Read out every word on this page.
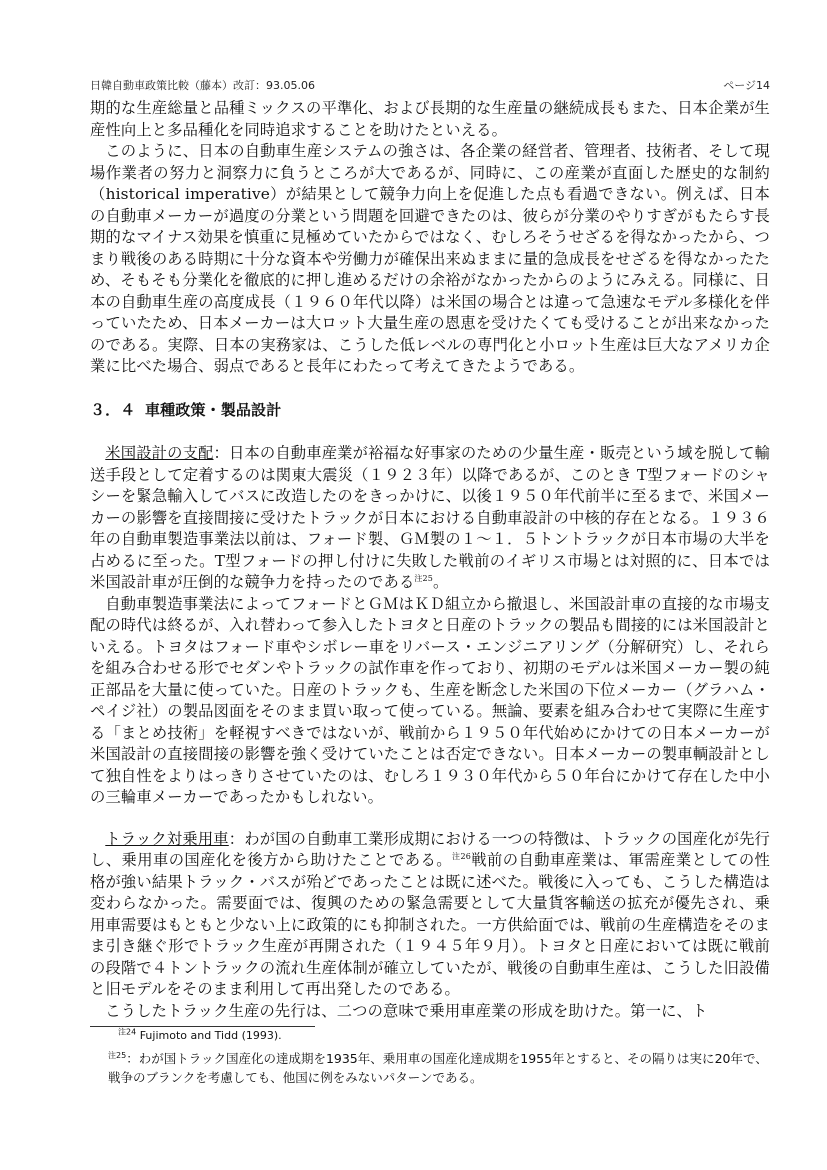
日韓自動車政策比較（藤本）改訂：93.05.06	ページ14

期的な生産総量と品種ミックスの平準化、および長期的な生産量の継続成長もまた、日本企業が生産性向上と多品種化を同時追求することを助けたといえる。

このように、日本の自動車生産システムの強さは、各企業の経営者、管理者、技術者、そして現場作業者の努力と洞察力に負うところが大であるが、同時に、この産業が直面した歴史的な制約（historical imperative）が結果として競争力向上を促進した点も看過できない。例えば、日本の自動車メーカーが過度の分業という問題を回避できたのは、彼らが分業のやりすぎがもたらす長期的なマイナス効果を慎重に見極めていたからではなく、むしろそうせざるを得なかったから、つまり戦後のある時期に十分な資本や労働力が確保出来ぬままに量的急成長をせざるを得なかったため、そもそも分業化を徹底的に押し進めるだけの余裕がなかったからのようにみえる。同様に、日本の自動車生産の高度成長（１９６０年代以降）は米国の場合とは違って急速なモデル多様化を伴っていたため、日本メーカーは大ロット大量生産の恩恵を受けたくても受けることが出来なかったのである。実際、日本の実務家は、こうした低レベルの専門化と小ロット生産は巨大なアメリカ企業に比べた場合、弱点であると長年にわたって考えてきたようである。

３．４ 車種政策・製品設計

米国設計の支配：日本の自動車産業が裕福な好事家のための少量生産・販売という域を脱して輸送手段として定着するのは関東大震災（１９２３年）以降であるが、このとき T型フォードのシャシーを緊急輸入してバスに改造したのをきっかけに、以後１９５０年代前半に至るまで、米国メーカーの影響を直接間接に受けたトラックが日本における自動車設計の中核的存在となる。１９３６年の自動車製造事業法以前は、フォード製、ＧＭ製の１～１．５トントラックが日本市場の大半を占めるに至った。T型フォードの押し付けに失敗した戦前のイギリス市場とは対照的に、日本では米国設計車が圧倒的な競争力を持ったのである$^{注25}$。

自動車製造事業法によってフォードとＧＭはＫＤ組立から撤退し、米国設計車の直接的な市場支配の時代は終るが、入れ替わって参入したトヨタと日産のトラックの製品も間接的には米国設計といえる。トヨタはフォード車やシボレー車をリバース・エンジニアリング（分解研究）し、それらを組み合わせる形でセダンやトラックの試作車を作っており、初期のモデルは米国メーカー製の純正部品を大量に使っていた。日産のトラックも、生産を断念した米国の下位メーカー（グラハム・ペイジ社）の製品図面をそのまま買い取って使っている。無論、要素を組み合わせて実際に生産する「まとめ技術」を軽視すべきではないが、戦前から１９５０年代始めにかけての日本メーカーが米国設計の直接間接の影響を強く受けていたことは否定できない。日本メーカーの製車輌設計として独自性をよりはっきりさせていたのは、むしろ１９３０年代から５０年台にかけて存在した中小の三輪車メーカーであったかもしれない。

トラック対乗用車：わが国の自動車工業形成期における一つの特徴は、トラックの国産化が先行し、乗用車の国産化を後方から助けたことである。$^{注26}$戦前の自動車産業は、軍需産業としての性格が強い結果トラック・バスが殆どであったことは既に述べた。戦後に入っても、こうした構造は変わらなかった。需要面では、復興のための緊急需要として大量貨客輸送の拡充が優先され、乗用車需要はもともと少ない上に政策的にも抑制された。一方供給面では、戦前の生産構造をそのまま引き継ぐ形でトラック生産が再開された（１９４５年９月）。トヨタと日産においては既に戦前の段階で４トントラックの流れ生産体制が確立していたが、戦後の自動車生産は、こうした旧設備と旧モデルをそのまま利用して再出発したのである。

こうしたトラック生産の先行は、二つの意味で乗用車産業の形成を助けた。第一に、ト

$^{注24}$ Fujimoto and Tidd (1993).
$^{注25}$：わが国トラック国産化の達成期を1935年、乗用車の国産化達成期を1955年とすると、その隔りは実に20年で、戦争のブランクを考慮しても、他国に例をみないパターンである。
